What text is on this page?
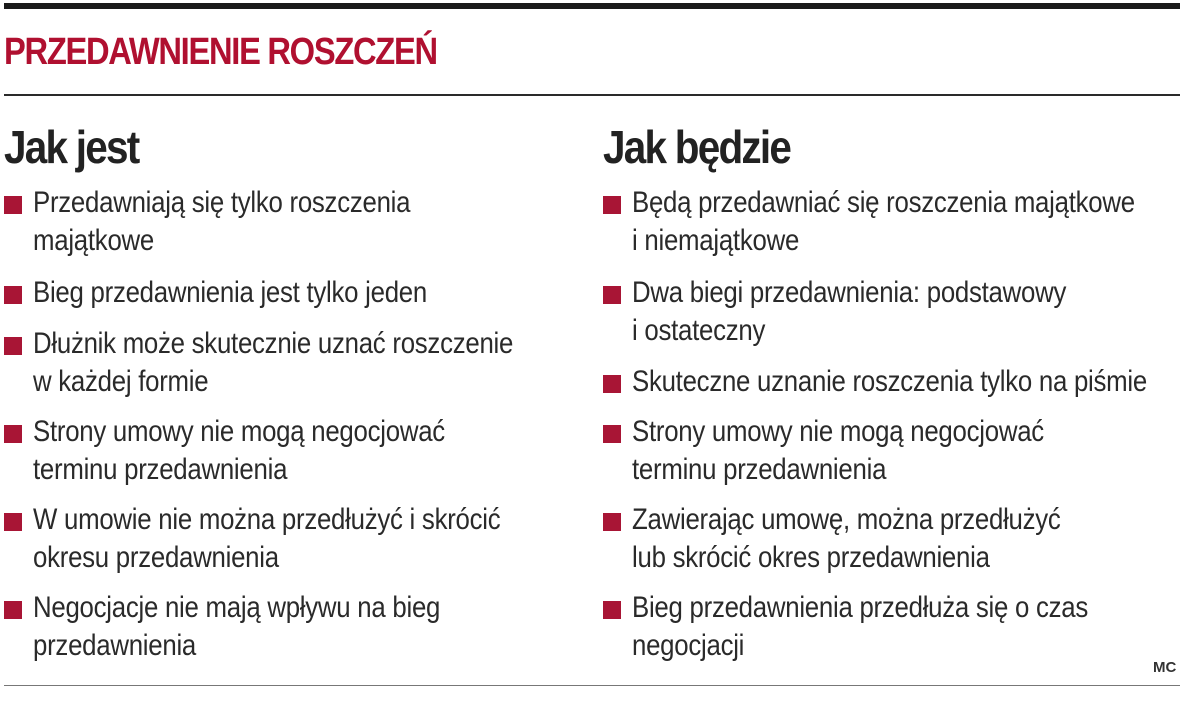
PRZEDAWNIENIE ROSZCZEŃ
Jak jest
Przedawniają się tylko roszczenia
majątkowe
Bieg przedawnienia jest tylko jeden
Dłużnik może skutecznie uznać roszczenie
w każdej formie
Strony umowy nie mogą negocjować
terminu przedawnienia
W umowie nie można przedłużyć i skrócić
okresu przedawnienia
Negocjacje nie mają wpływu na bieg
przedawnienia
Jak będzie
Będą przedawniać się roszczenia majątkowe
i niemajątkowe
Dwa biegi przedawnienia: podstawowy
i ostateczny
Skuteczne uznanie roszczenia tylko na piśmie
Strony umowy nie mogą negocjować
terminu przedawnienia
Zawierając umowę, można przedłużyć
lub skrócić okres przedawnienia
Bieg przedawnienia przedłuża się o czas
negocjacji
MC
